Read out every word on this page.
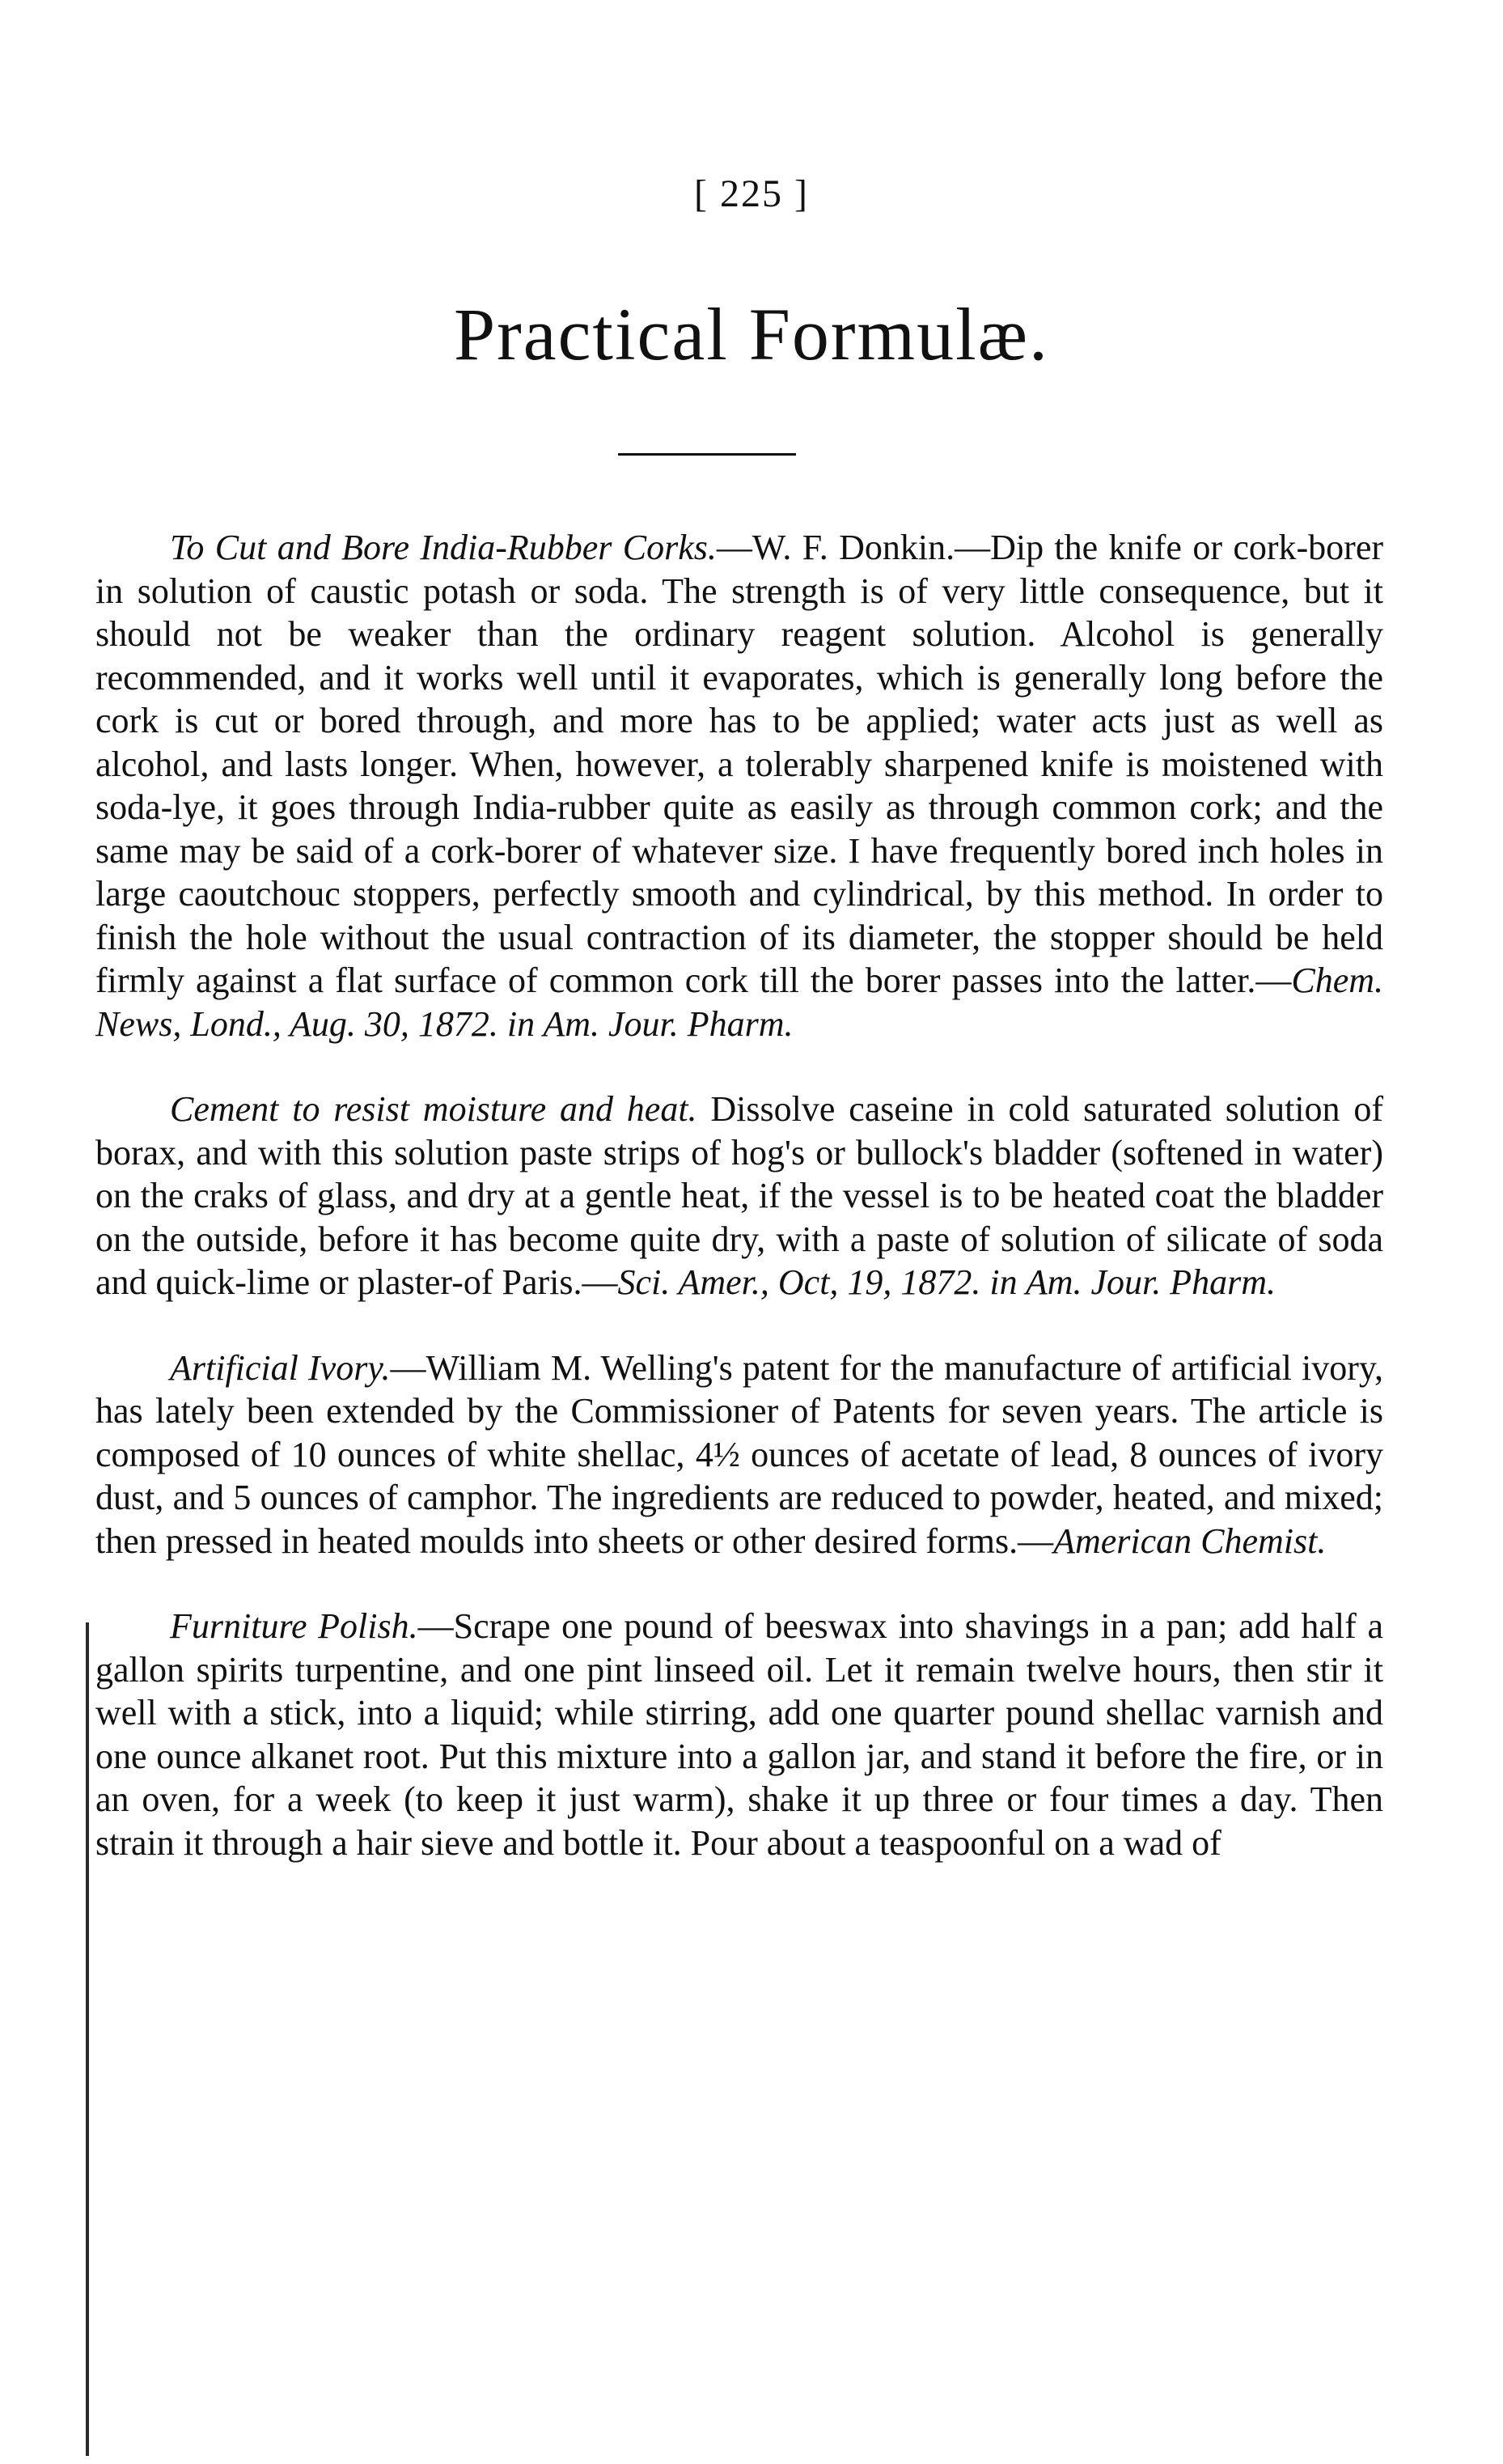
[ 225 ]
Practical Formulæ.

To Cut and Bore India-Rubber Corks.—W. F. Donkin.—Dip the knife or cork-borer in solution of caustic potash or soda. The strength is of very little consequence, but it should not be weaker than the ordinary reagent solution. Alcohol is generally recommended, and it works well until it evaporates, which is generally long before the cork is cut or bored through, and more has to be applied; water acts just as well as alcohol, and lasts longer. When, however, a tolerably sharpened knife is moistened with soda-lye, it goes through India-rubber quite as easily as through common cork; and the same may be said of a cork-borer of whatever size. I have frequently bored inch holes in large caoutchouc stoppers, perfectly smooth and cylindrical, by this method. In order to finish the hole without the usual contraction of its diameter, the stopper should be held firmly against a flat surface of common cork till the borer passes into the latter.—Chem. News, Lond., Aug. 30, 1872. in Am. Jour. Pharm.

Cement to resist moisture and heat. Dissolve caseine in cold saturated solution of borax, and with this solution paste strips of hog's or bullock's bladder (softened in water) on the craks of glass, and dry at a gentle heat, if the vessel is to be heated coat the bladder on the outside, before it has become quite dry, with a paste of solution of silicate of soda and quick-lime or plaster-of Paris.—Sci. Amer., Oct, 19, 1872. in Am. Jour. Pharm.

Artificial Ivory.—William M. Welling's patent for the manufacture of artificial ivory, has lately been extended by the Commissioner of Patents for seven years. The article is composed of 10 ounces of white shellac, 4½ ounces of acetate of lead, 8 ounces of ivory dust, and 5 ounces of camphor. The ingredients are reduced to powder, heated, and mixed; then pressed in heated moulds into sheets or other desired forms.—American Chemist.

Furniture Polish.—Scrape one pound of beeswax into shavings in a pan; add half a gallon spirits turpentine, and one pint linseed oil. Let it remain twelve hours, then stir it well with a stick, into a liquid; while stirring, add one quarter pound shellac varnish and one ounce alkanet root. Put this mixture into a gallon jar, and stand it before the fire, or in an oven, for a week (to keep it just warm), shake it up three or four times a day. Then strain it through a hair sieve and bottle it. Pour about a teaspoonful on a wad of
